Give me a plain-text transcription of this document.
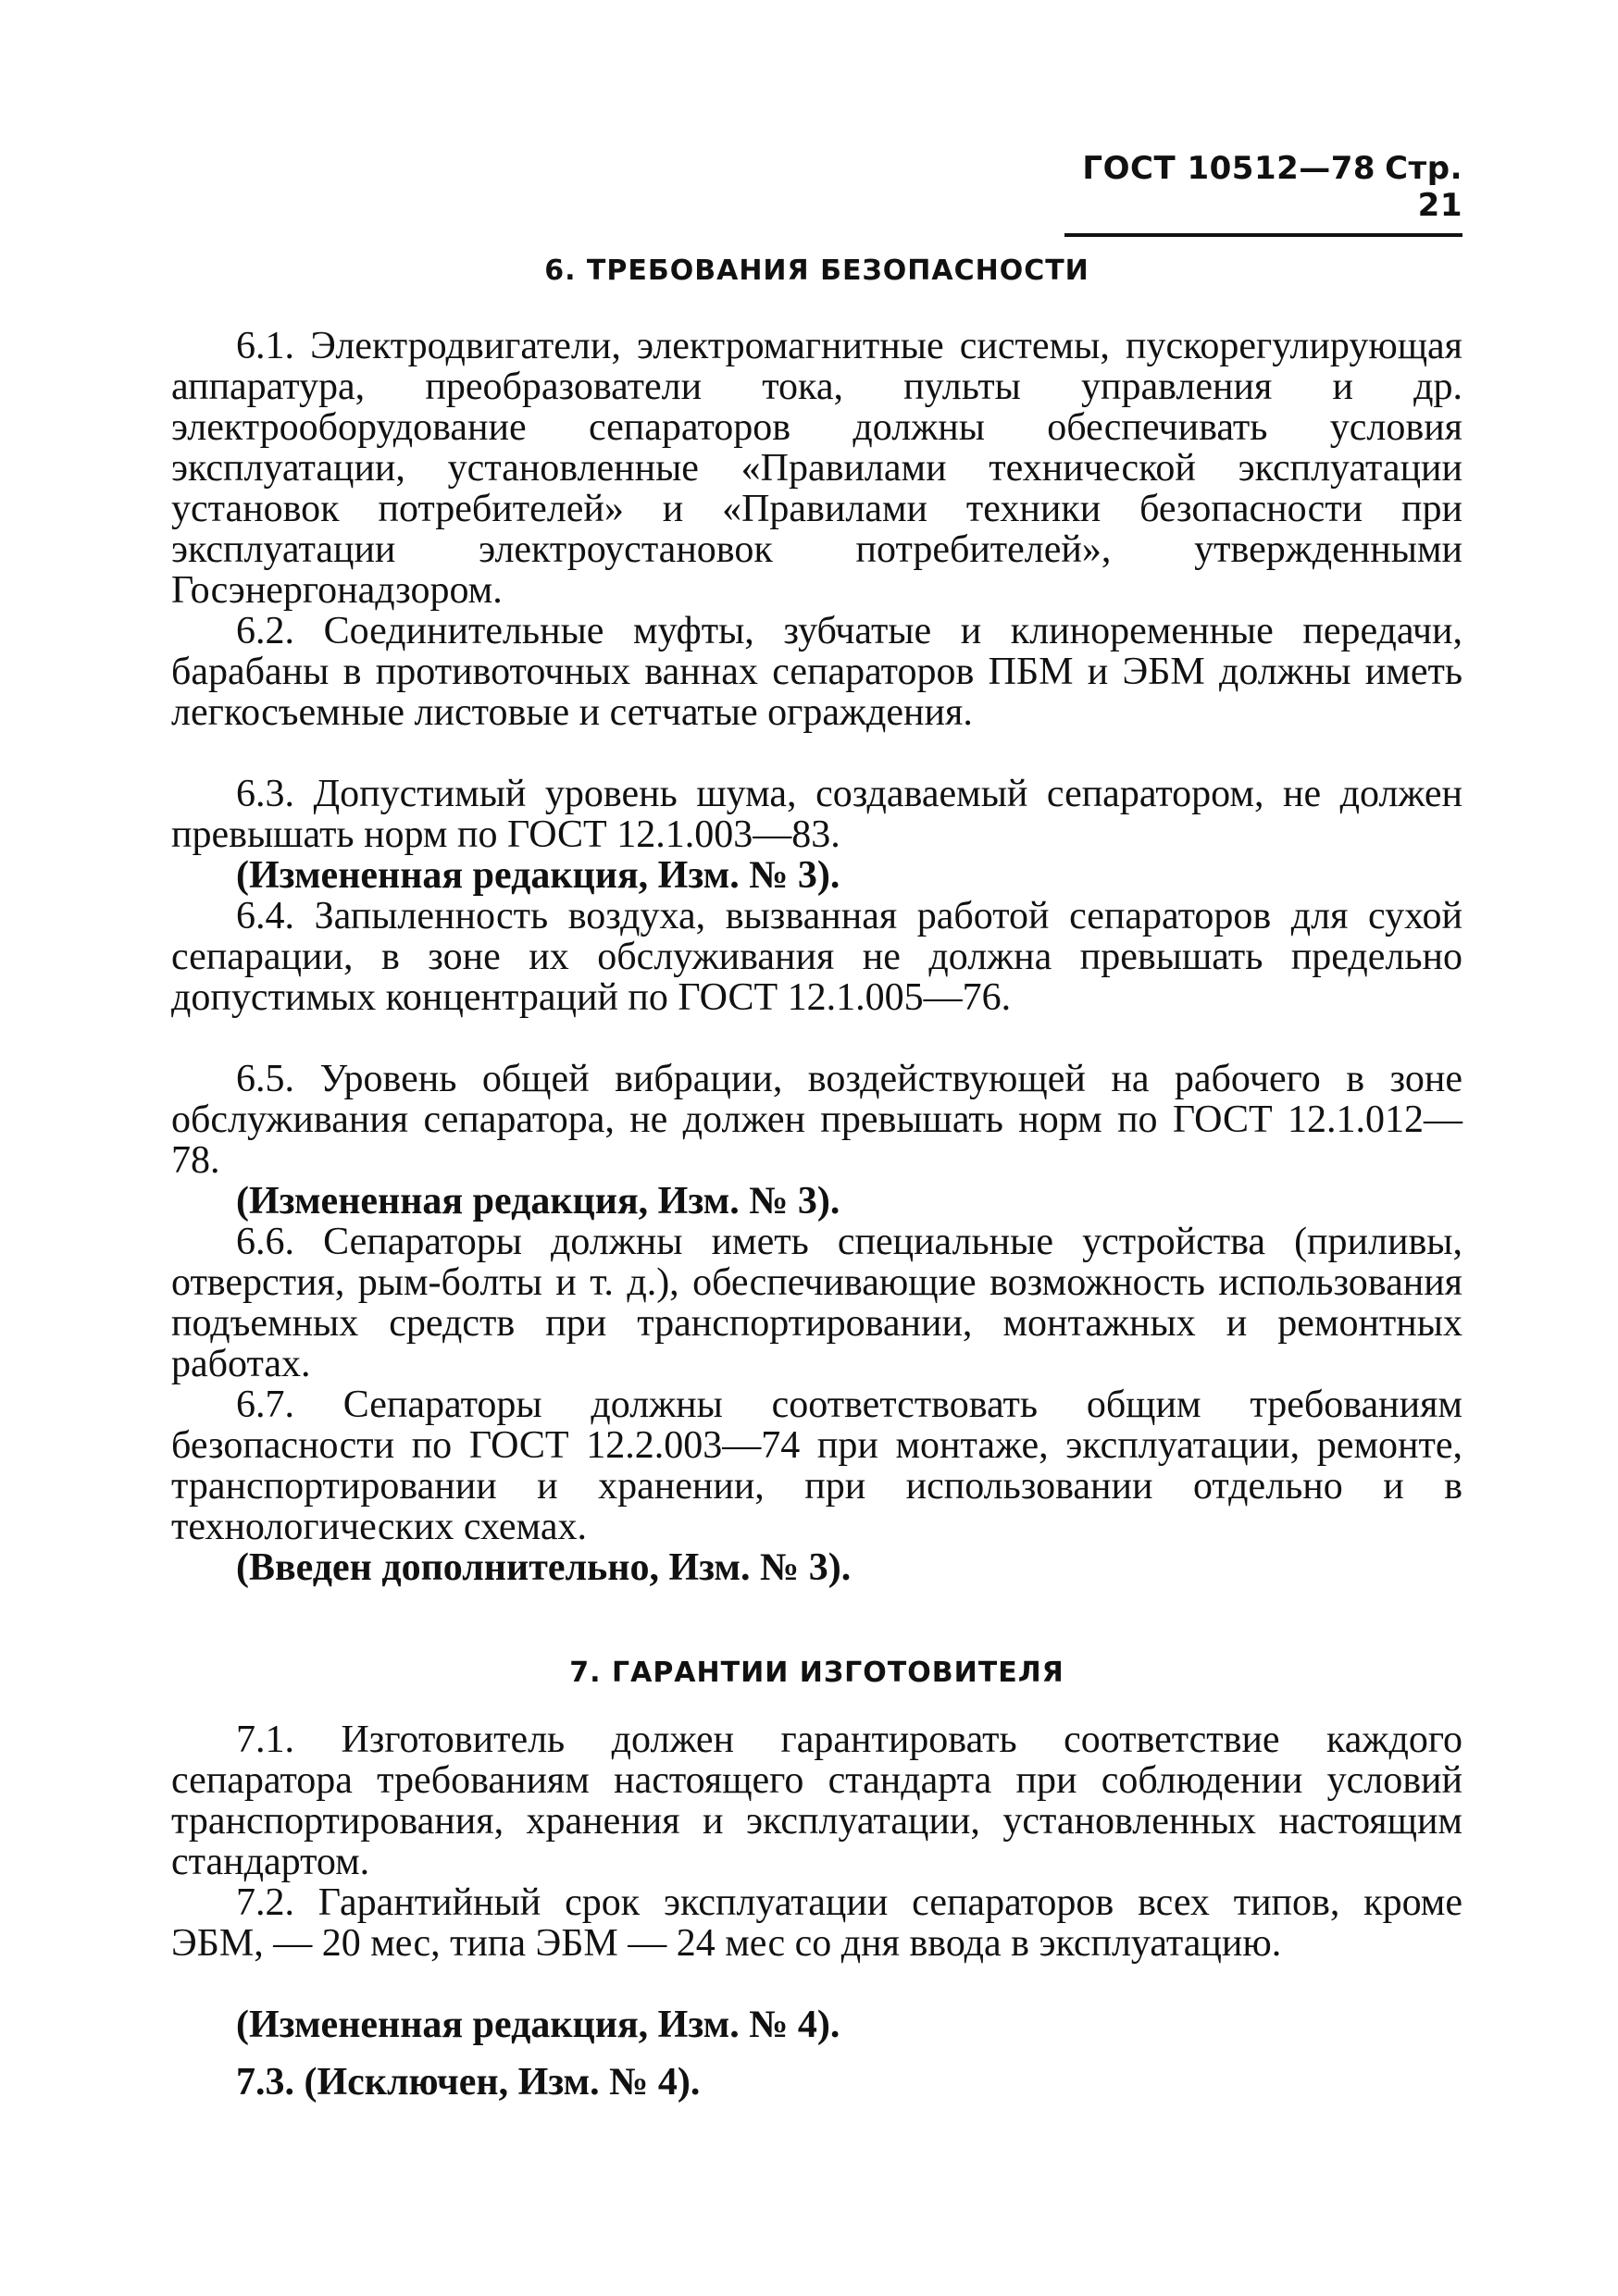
ГОСТ 10512—78 Стр. 21
6. ТРЕБОВАНИЯ БЕЗОПАСНОСТИ

6.1. Электродвигатели, электромагнитные системы, пускорегулирующая аппаратура, преобразователи тока, пульты управления и др. электрооборудование сепараторов должны обеспечивать условия эксплуатации, установленные «Правилами технической эксплуатации установок потребителей» и «Правилами техники безопасности при эксплуатации электроустановок потребителей», утвержденными Госэнергонадзором.

6.2. Соединительные муфты, зубчатые и клиноременные передачи, барабаны в противоточных ваннах сепараторов ПБМ и ЭБМ должны иметь легкосъемные листовые и сетчатые ограждения.

6.3. Допустимый уровень шума, создаваемый сепаратором, не должен превышать норм по ГОСТ 12.1.003—83.

(Измененная редакция, Изм. № 3).

6.4. Запыленность воздуха, вызванная работой сепараторов для сухой сепарации, в зоне их обслуживания не должна превышать предельно допустимых концентраций по ГОСТ 12.1.005—76.

6.5. Уровень общей вибрации, воздействующей на рабочего в зоне обслуживания сепаратора, не должен превышать норм по ГОСТ 12.1.012—78.

(Измененная редакция, Изм. № 3).

6.6. Сепараторы должны иметь специальные устройства (приливы, отверстия, рым-болты и т. д.), обеспечивающие возможность использования подъемных средств при транспортировании, монтажных и ремонтных работах.

6.7. Сепараторы должны соответствовать общим требованиям безопасности по ГОСТ 12.2.003—74 при монтаже, эксплуатации, ремонте, транспортировании и хранении, при использовании отдельно и в технологических схемах.

(Введен дополнительно, Изм. № 3).
7. ГАРАНТИИ ИЗГОТОВИТЕЛЯ

7.1. Изготовитель должен гарантировать соответствие каждого сепаратора требованиям настоящего стандарта при соблюдении условий транспортирования, хранения и эксплуатации, установленных настоящим стандартом.

7.2. Гарантийный срок эксплуатации сепараторов всех типов, кроме ЭБМ, — 20 мес, типа ЭБМ — 24 мес со дня ввода в эксплуатацию.

(Измененная редакция, Изм. № 4).
7.3. (Исключен, Изм. № 4).
